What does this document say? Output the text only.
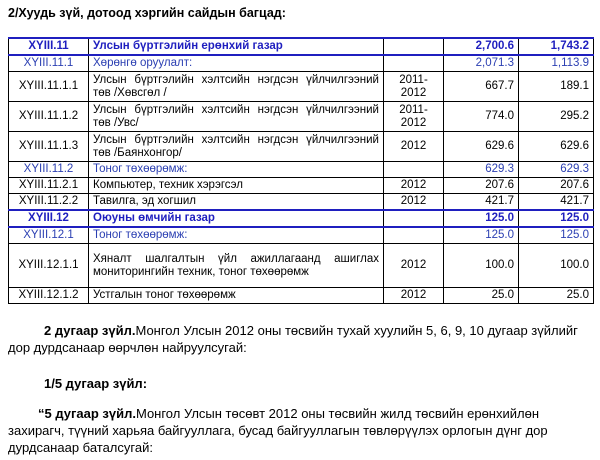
2/Хуудь зүй, дотоод хэргийн сайдын багцад:
XYIII.11	Улсын бүртгэлийн ерөнхий газар		2,700.6	1,743.2
XYIII.11.1	Хөрөнгө оруулалт:		2,071.3	1,113.9
XYIII.11.1.1	Улсын бүртгэлийн хэлтсийн нэгдсэн үйлчилгээний төв /Хөвсгөл /	2011-2012	667.7	189.1
XYIII.11.1.2	Улсын бүртгэлийн хэлтсийн нэгдсэн үйлчилгээний төв /Увс/	2011-2012	774.0	295.2
XYIII.11.1.3	Улсын бүртгэлийн хэлтсийн нэгдсэн үйлчилгээний төв /Баянхонгор/	2012	629.6	629.6
XYIII.11.2	Тоног төхөөрөмж:		629.3	629.3
XYIII.11.2.1	Компьютер, техник хэрэгсэл	2012	207.6	207.6
XYIII.11.2.2	Тавилга, эд хогшил	2012	421.7	421.7
XYIII.12	Оюуны өмчийн газар		125.0	125.0
XYIII.12.1	Тоног төхөөрөмж:		125.0	125.0
XYIII.12.1.1	Хяналт шалгалтын үйл ажиллагаанд ашиглах мониторингийн техник, тоног төхөөрөмж	2012	100.0	100.0
XYIII.12.1.2	Устгалын тоног төхөөрөмж	2012	25.0	25.0
2 дугаар зүйл.Монгол Улсын 2012 оны төсвийн тухай хуулийн 5, 6, 9, 10 дугаар зүйлийг дор дурдсанаар өөрчлөн найруулсугай:
1/5 дугаар зүйл:
“5 дугаар зүйл.Монгол Улсын төсөвт 2012 оны төсвийн жилд төсвийн ерөнхийлөн захирагч, түүний харьяа байгууллага, бусад байгууллагын төвлөрүүлэх орлогын дүнг дор дурдсанаар баталсугай:
